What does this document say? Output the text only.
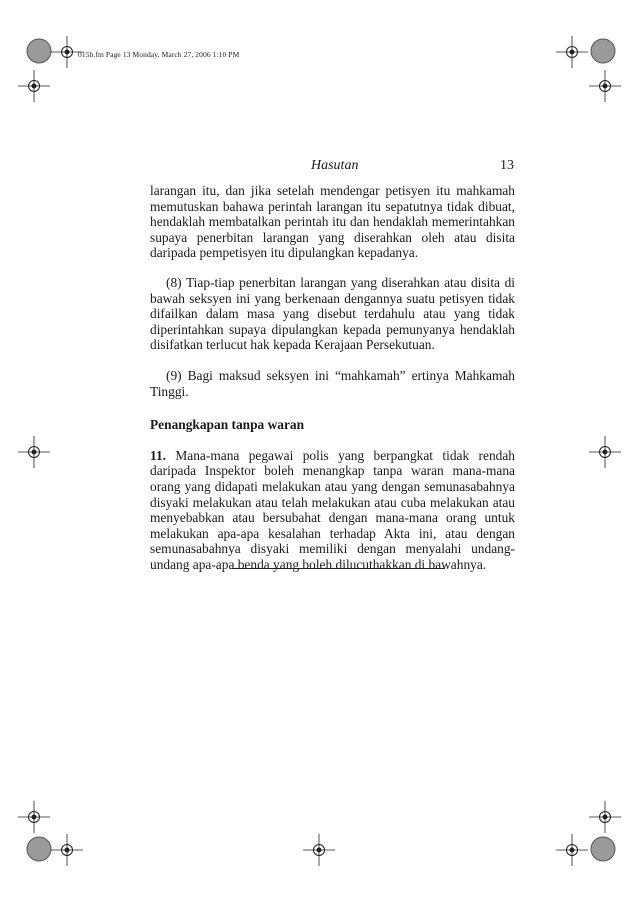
015b.fm Page 13 Monday, March 27, 2006 1:10 PM
Hasutan	13

larangan itu, dan jika setelah mendengar petisyen itu mahkamah memutuskan bahawa perintah larangan itu sepatutnya tidak dibuat, hendaklah membatalkan perintah itu dan hendaklah memerintahkan supaya penerbitan larangan yang diserahkan oleh atau disita daripada pempetisyen itu dipulangkan kepadanya.

(8) Tiap-tiap penerbitan larangan yang diserahkan atau disita di bawah seksyen ini yang berkenaan dengannya suatu petisyen tidak difailkan dalam masa yang disebut terdahulu atau yang tidak diperintahkan supaya dipulangkan kepada pemunyanya hendaklah disifatkan terlucut hak kepada Kerajaan Persekutuan.

(9) Bagi maksud seksyen ini “mahkamah” ertinya Mahkamah Tinggi.

Penangkapan tanpa waran

11. Mana-mana pegawai polis yang berpangkat tidak rendah daripada Inspektor boleh menangkap tanpa waran mana-mana orang yang didapati melakukan atau yang dengan semunasabahnya disyaki melakukan atau telah melakukan atau cuba melakukan atau menyebabkan atau bersubahat dengan mana-mana orang untuk melakukan apa-apa kesalahan terhadap Akta ini, atau dengan semunasabahnya disyaki memiliki dengan menyalahi undang-undang apa-apa benda yang boleh dilucuthakkan di bawahnya.
